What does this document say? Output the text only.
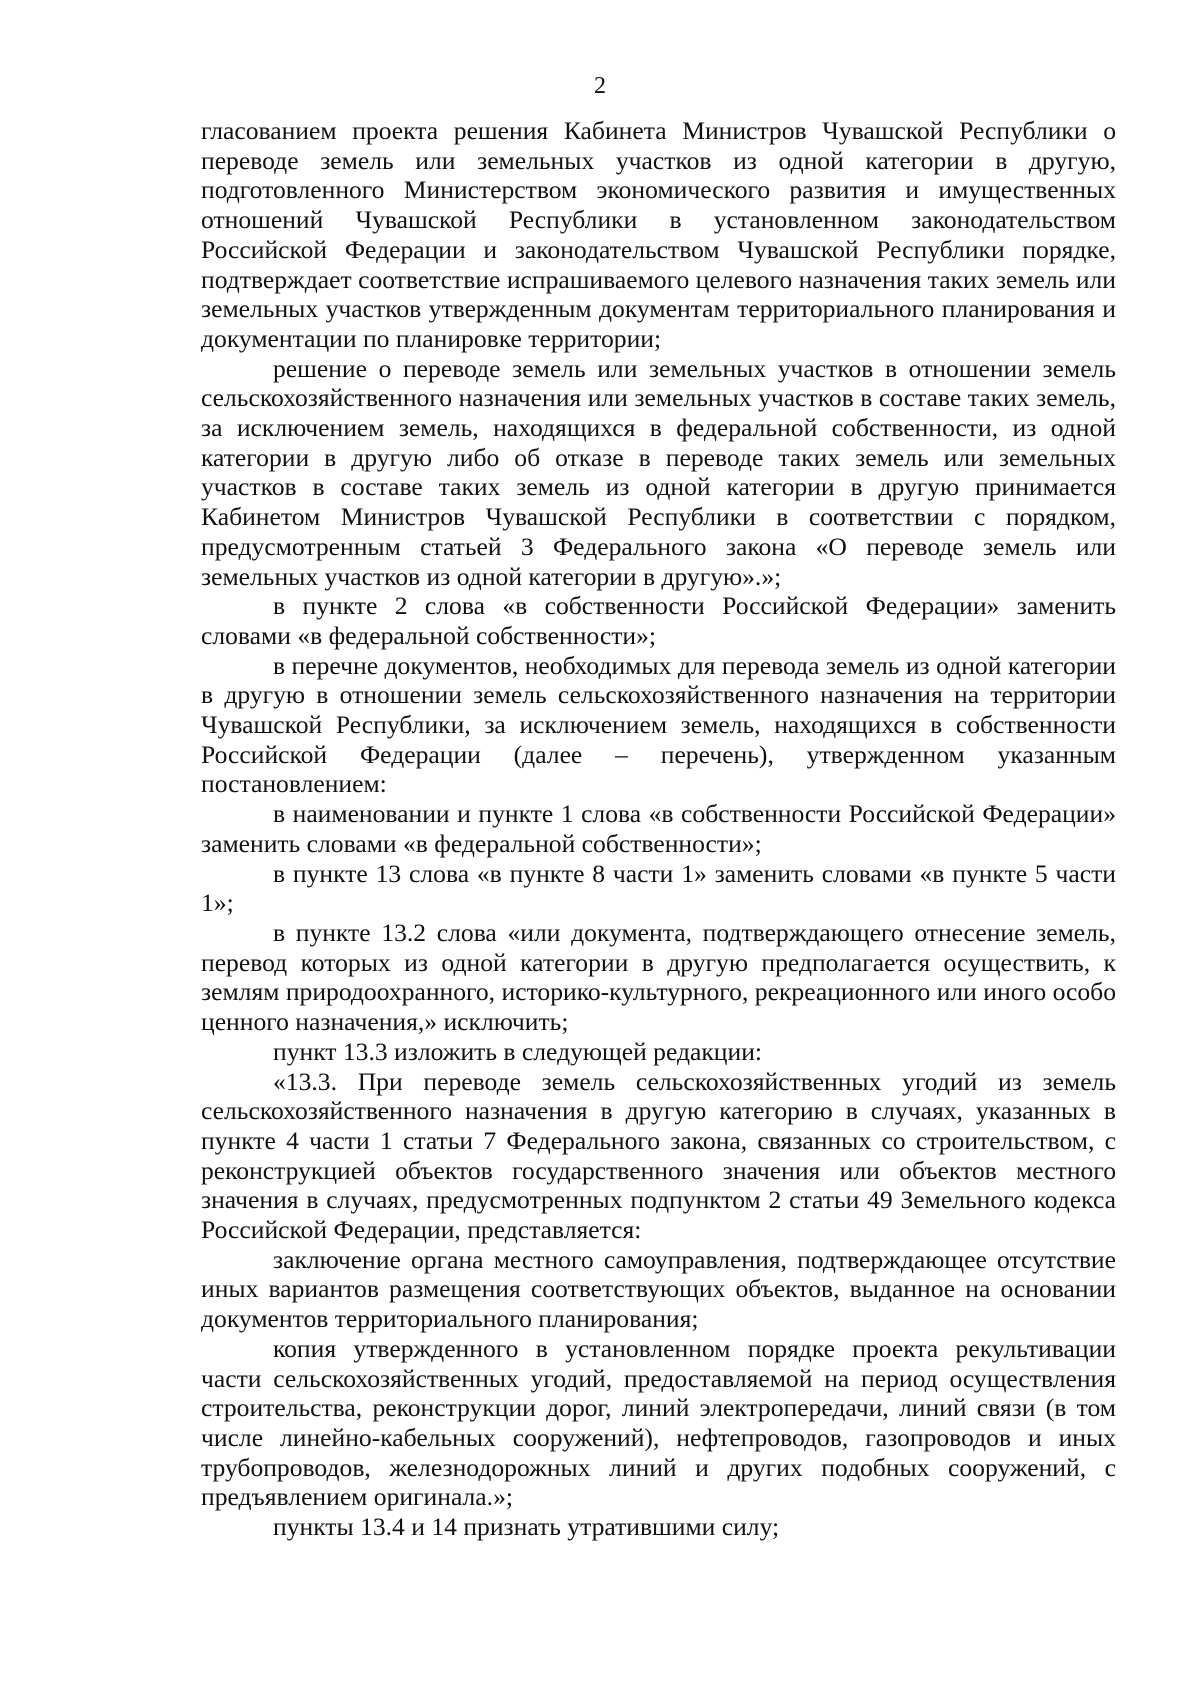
2

гласованием проекта решения Кабинета Министров Чувашской Республики о переводе земель или земельных участков из одной категории в другую, подготовленного Министерством экономического развития и имущественных отношений Чувашской Республики в установленном законодательством Российской Федерации и законодательством Чувашской Республики порядке, подтверждает соответствие испрашиваемого целевого назначения таких земель или земельных участков утвержденным документам территориального планирования и документации по планировке территории;

решение о переводе земель или земельных участков в отношении земель сельскохозяйственного назначения или земельных участков в составе таких земель, за исключением земель, находящихся в федеральной собственности, из одной категории в другую либо об отказе в переводе таких земель или земельных участков в составе таких земель из одной категории в другую принимается Кабинетом Министров Чувашской Республики в соответствии с порядком, предусмотренным статьей 3 Федерального закона «О переводе земель или земельных участков из одной категории в другую».»;

в пункте 2 слова «в собственности Российской Федерации» заменить словами «в федеральной собственности»;

в перечне документов, необходимых для перевода земель из одной категории в другую в отношении земель сельскохозяйственного назначения на территории Чувашской Республики, за исключением земель, находящихся в собственности Российской Федерации (далее – перечень), утвержденном указанным постановлением:

в наименовании и пункте 1 слова «в собственности Российской Федерации» заменить словами «в федеральной собственности»;

в пункте 13 слова «в пункте 8 части 1» заменить словами «в пункте 5 части 1»;

в пункте 13.2 слова «или документа, подтверждающего отнесение земель, перевод которых из одной категории в другую предполагается осуществить, к землям природоохранного, историко-культурного, рекреационного или иного особо ценного назначения,» исключить;

пункт 13.3 изложить в следующей редакции:

«13.3. При переводе земель сельскохозяйственных угодий из земель сельскохозяйственного назначения в другую категорию в случаях, указанных в пункте 4 части 1 статьи 7 Федерального закона, связанных со строительством, с реконструкцией объектов государственного значения или объектов местного значения в случаях, предусмотренных подпунктом 2 статьи 49 Земельного кодекса Российской Федерации, представляется:

заключение органа местного самоуправления, подтверждающее отсутствие иных вариантов размещения соответствующих объектов, выданное на основании документов территориального планирования;

копия утвержденного в установленном порядке проекта рекультивации части сельскохозяйственных угодий, предоставляемой на период осуществления строительства, реконструкции дорог, линий электропередачи, линий связи (в том числе линейно-кабельных сооружений), нефтепроводов, газопроводов и иных трубопроводов, железнодорожных линий и других подобных сооружений, с предъявлением оригинала.»;

пункты 13.4 и 14 признать утратившими силу;
